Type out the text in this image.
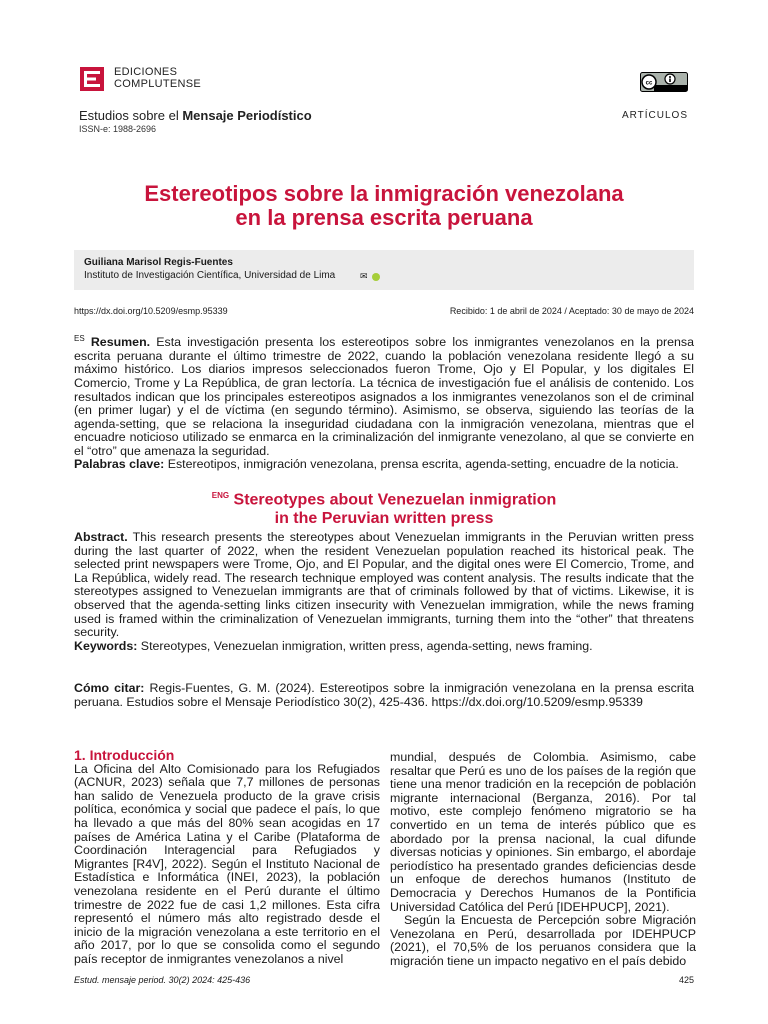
EDICIONES
COMPLUTENSE	cc
Estudios sobre el Mensaje Periodístico
ISSN-e: 1988-2696
ARTÍCULOS
Estereotipos sobre la inmigración venezolana
en la prensa escrita peruana
Guiliana Marisol Regis-Fuentes
Instituto de Investigación Científica, Universidad de Lima	✉
https://dx.doi.org/10.5209/esmp.95339	Recibido: 1 de abril de 2024 / Aceptado: 30 de mayo de 2024
$^{ES}$ Resumen. Esta investigación presenta los estereotipos sobre los inmigrantes venezolanos en la prensa escrita peruana durante el último trimestre de 2022, cuando la población venezolana residente llegó a su máximo histórico. Los diarios impresos seleccionados fueron Trome, Ojo y El Popular, y los digitales El Comercio, Trome y La República, de gran lectoría. La técnica de investigación fue el análisis de contenido. Los resultados indican que los principales estereotipos asignados a los inmigrantes venezolanos son el de criminal (en primer lugar) y el de víctima (en segundo término). Asimismo, se observa, siguiendo las teorías de la agenda-setting, que se relaciona la inseguridad ciudadana con la inmigración venezolana, mientras que el encuadre noticioso utilizado se enmarca en la criminalización del inmigrante venezolano, al que se convierte en el “otro” que amenaza la seguridad.
Palabras clave: Estereotipos, inmigración venezolana, prensa escrita, agenda-setting, encuadre de la noticia.
$^{ENG}$ Stereotypes about Venezuelan inmigration
in the Peruvian written press
Abstract. This research presents the stereotypes about Venezuelan immigrants in the Peruvian written press during the last quarter of 2022, when the resident Venezuelan population reached its historical peak. The selected print newspapers were Trome, Ojo, and El Popular, and the digital ones were El Comercio, Trome, and La República, widely read. The research technique employed was content analysis. The results indicate that the stereotypes assigned to Venezuelan immigrants are that of criminals followed by that of victims. Likewise, it is observed that the agenda-setting links citizen insecurity with Venezuelan immigration, while the news framing used is framed within the criminalization of Venezuelan immigrants, turning them into the “other” that threatens security.
Keywords: Stereotypes, Venezuelan inmigration, written press, agenda-setting, news framing.
Cómo citar: Regis-Fuentes, G. M. (2024). Estereotipos sobre la inmigración venezolana en la prensa escrita peruana. Estudios sobre el Mensaje Periodístico 30(2), 425-436. https://dx.doi.org/10.5209/esmp.95339
1. Introducción
La Oficina del Alto Comisionado para los Refugiados (ACNUR, 2023) señala que 7,7 millones de personas han salido de Venezuela producto de la grave crisis política, económica y social que padece el país, lo que ha llevado a que más del 80% sean acogidas en 17 países de América Latina y el Caribe (Plataforma de Coordinación Interagencial para Refugiados y Migrantes [R4V], 2022). Según el Instituto Nacional de Estadística e Informática (INEI, 2023), la población venezolana residente en el Perú durante el último trimestre de 2022 fue de casi 1,2 millones. Esta cifra representó el número más alto registrado desde el inicio de la migración venezolana a este territorio en el año 2017, por lo que se consolida como el segundo país receptor de inmigrantes venezolanos a nivel
mundial, después de Colombia. Asimismo, cabe resaltar que Perú es uno de los países de la región que tiene una menor tradición en la recepción de población migrante internacional (Berganza, 2016). Por tal motivo, este complejo fenómeno migratorio se ha convertido en un tema de interés público que es abordado por la prensa nacional, la cual difunde diversas noticias y opiniones. Sin embargo, el abordaje periodístico ha presentado grandes deficiencias desde un enfoque de derechos humanos (Instituto de Democracia y Derechos Humanos de la Pontificia Universidad Católica del Perú [IDEHPUCP], 2021).
Según la Encuesta de Percepción sobre Migración Venezolana en Perú, desarrollada por IDEHPUCP (2021), el 70,5% de los peruanos considera que la migración tiene un impacto negativo en el país debido
Estud. mensaje period. 30(2) 2024: 425-436	425
